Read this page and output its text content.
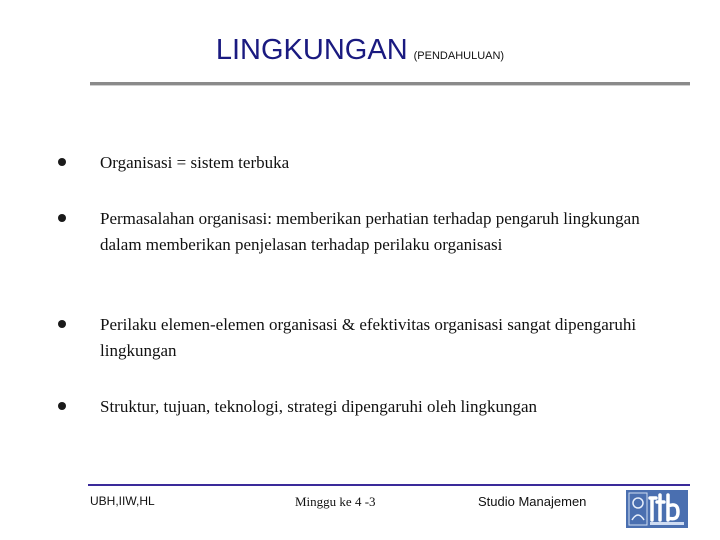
LINGKUNGAN (PENDAHULUAN)
Organisasi = sistem terbuka
Permasalahan organisasi: memberikan perhatian terhadap pengaruh lingkungan dalam memberikan penjelasan terhadap perilaku organisasi
Perilaku elemen-elemen organisasi & efektivitas organisasi sangat dipengaruhi lingkungan
Struktur, tujuan, teknologi, strategi dipengaruhi oleh lingkungan
UBH,IIW,HL	Minggu ke 4 -3	Studio Manajemen
